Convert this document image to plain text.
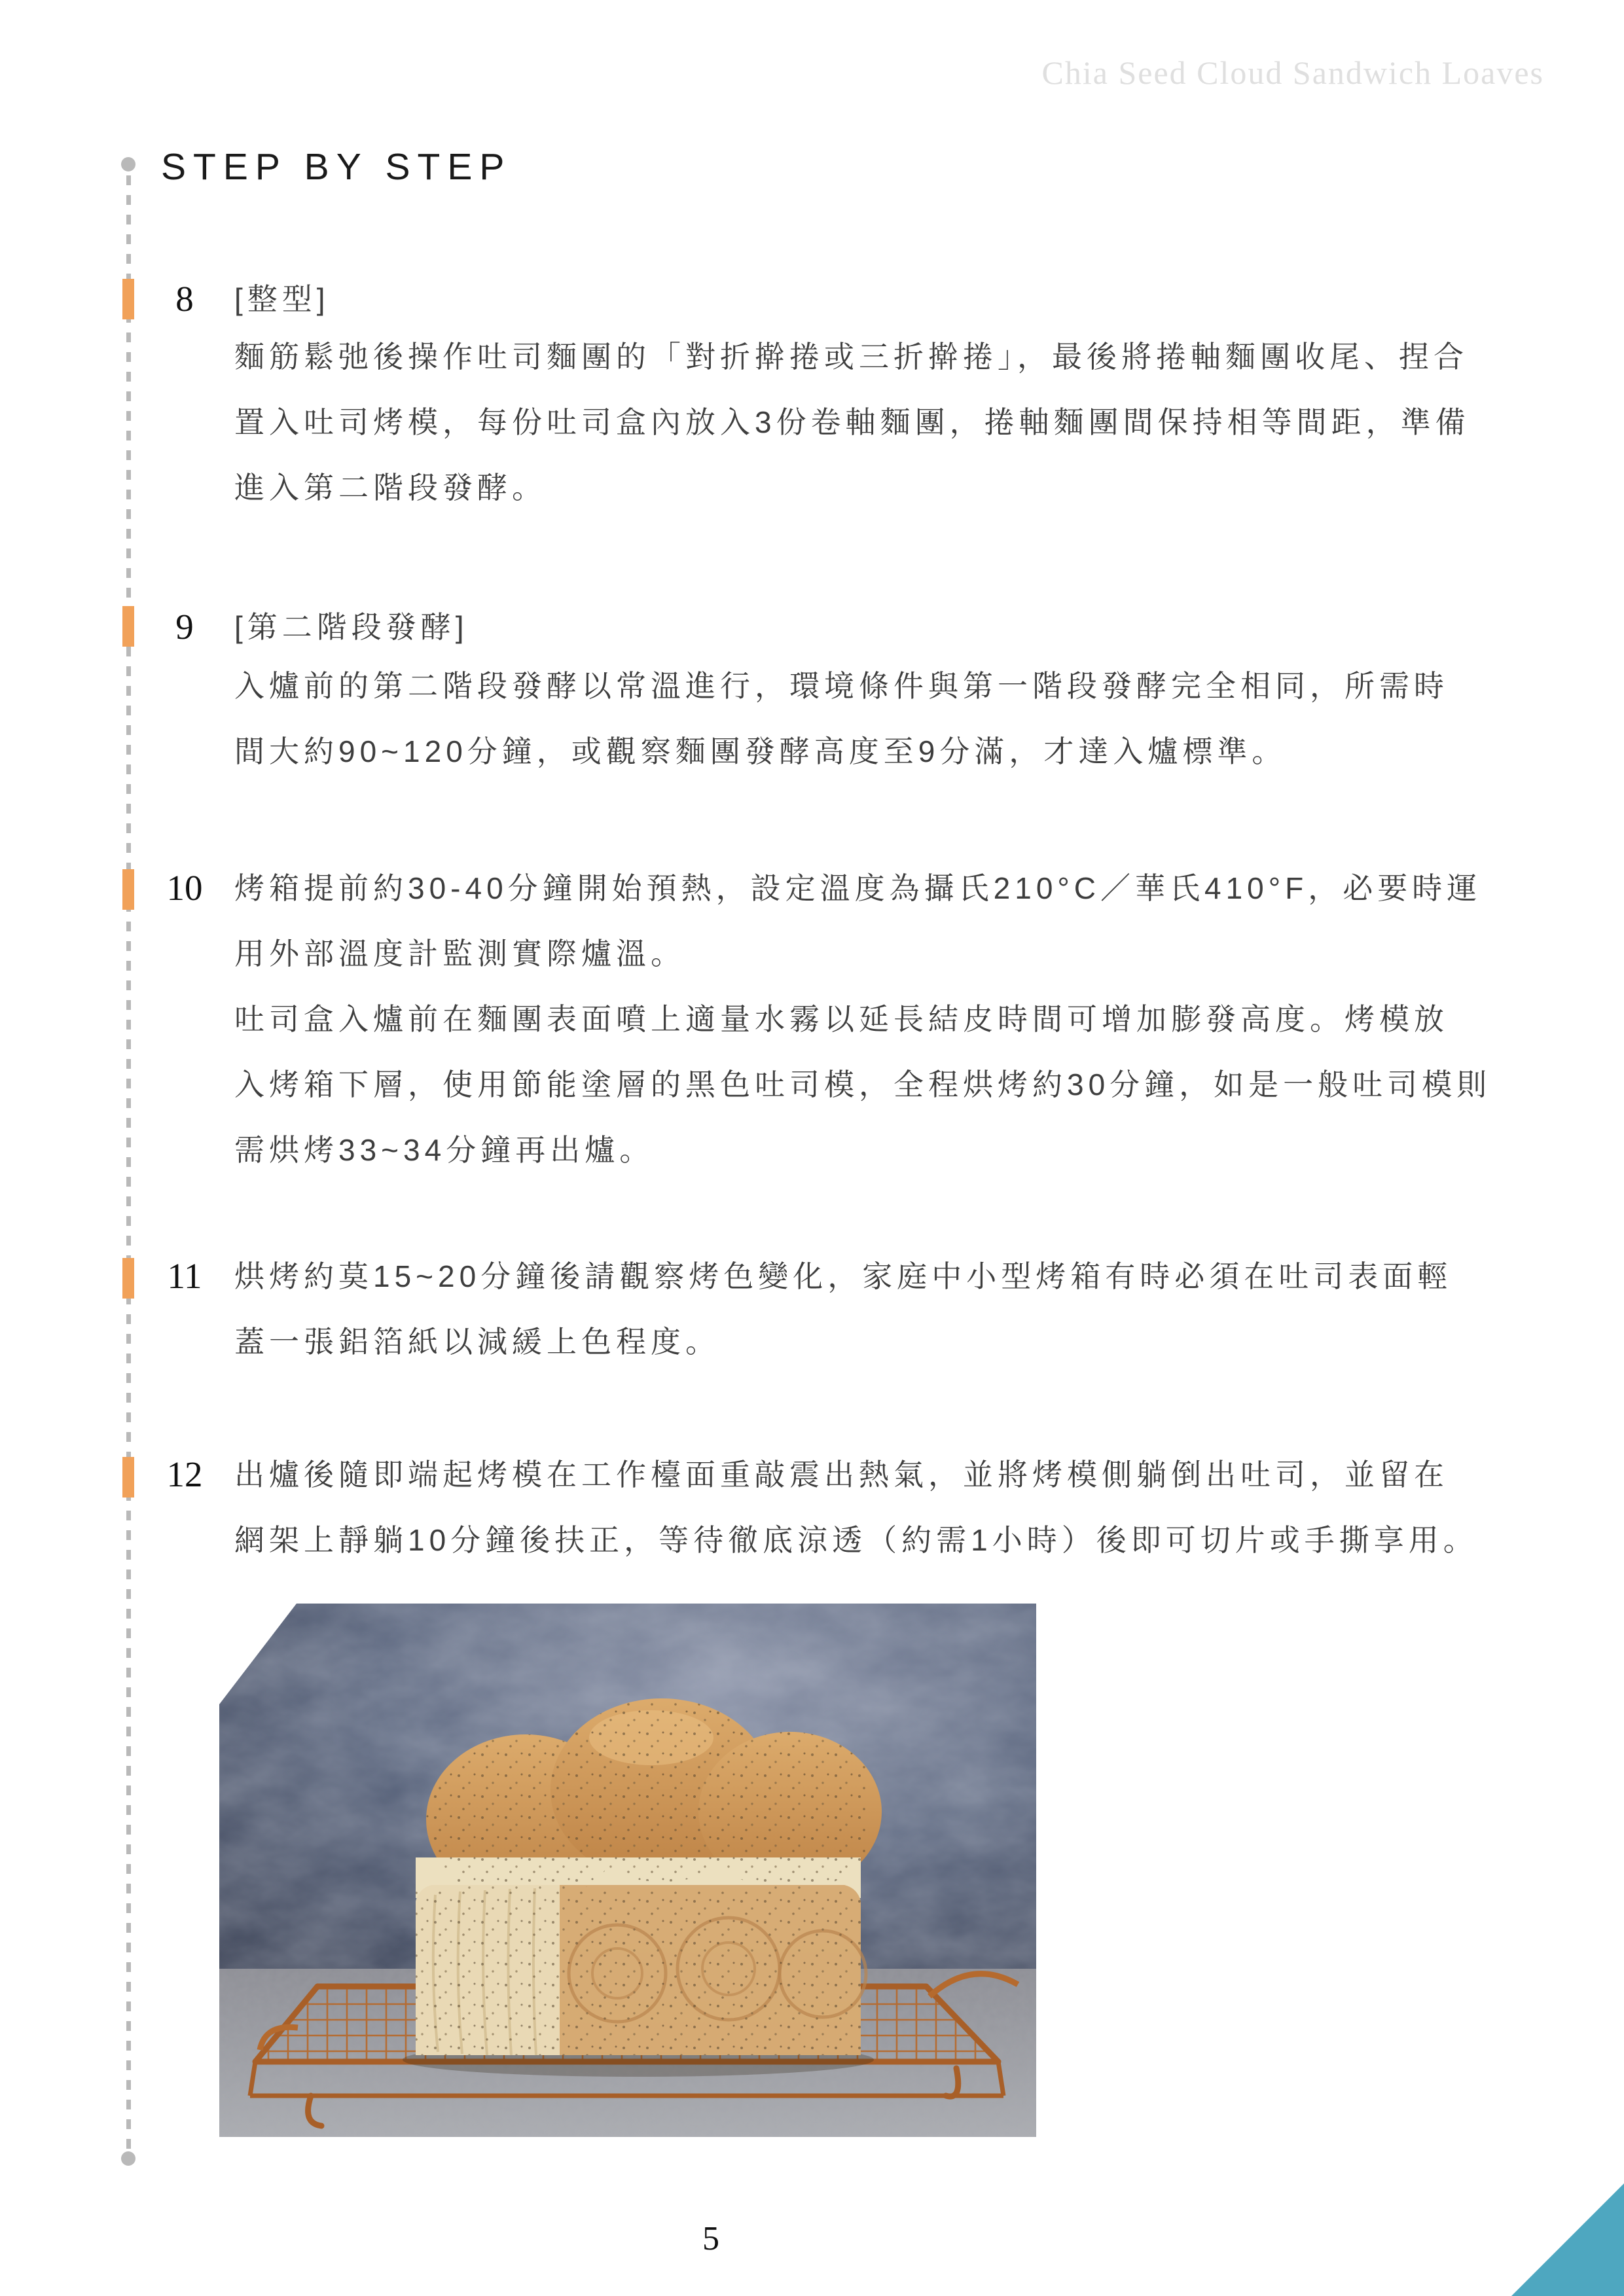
Chia Seed Cloud Sandwich Loaves
STEP BY STEP
8	[整型]
麵筋鬆弛後操作吐司麵團的「對折擀捲或三折擀捲」，最後將捲軸麵團收尾、捏合
置入吐司烤模，每份吐司盒內放入3份卷軸麵團，捲軸麵團間保持相等間距，準備
進入第二階段發酵。
9	[第二階段發酵]
入爐前的第二階段發酵以常溫進行，環境條件與第一階段發酵完全相同，所需時
間大約90~120分鐘，或觀察麵團發酵高度至9分滿，才達入爐標準。
10	烤箱提前約30-40分鐘開始預熱，設定溫度為攝氏210°C／華氏410°F，必要時運
用外部溫度計監測實際爐溫。
吐司盒入爐前在麵團表面噴上適量水霧以延長結皮時間可增加膨發高度。烤模放
入烤箱下層，使用節能塗層的黑色吐司模，全程烘烤約30分鐘，如是一般吐司模則
需烘烤33~34分鐘再出爐。
11	烘烤約莫15~20分鐘後請觀察烤色變化，家庭中小型烤箱有時必須在吐司表面輕
蓋一張鋁箔紙以減緩上色程度。
12	出爐後隨即端起烤模在工作檯面重敲震出熱氣，並將烤模側躺倒出吐司，並留在
網架上靜躺10分鐘後扶正，等待徹底涼透（約需1小時）後即可切片或手撕享用。
5
